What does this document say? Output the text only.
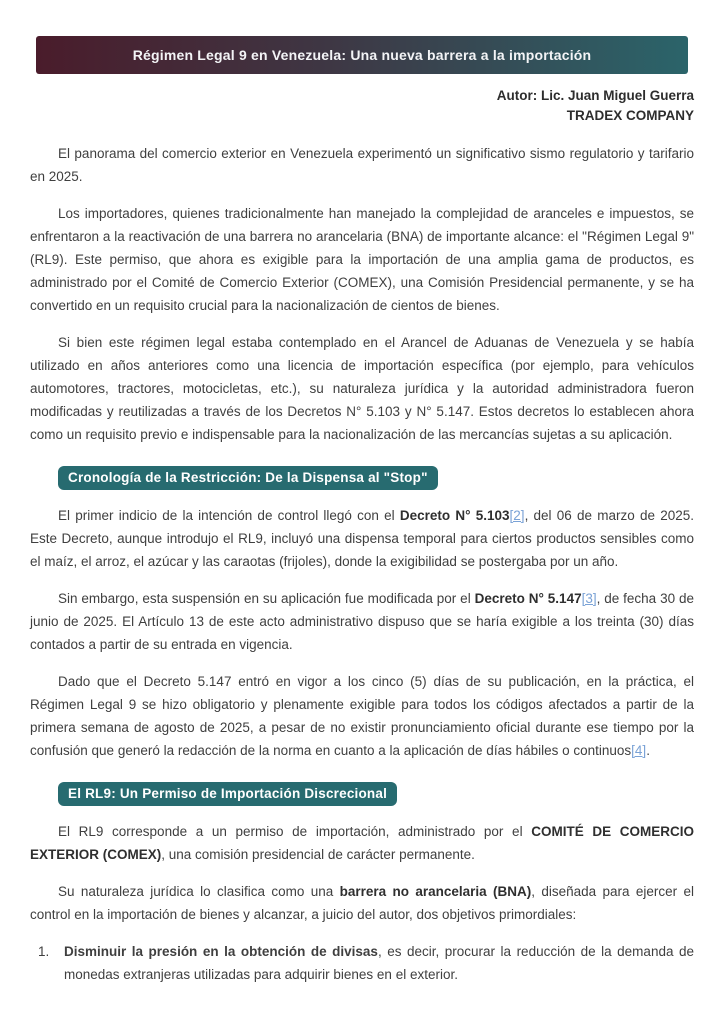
Régimen Legal 9 en Venezuela: Una nueva barrera a la importación
Autor: Lic. Juan Miguel Guerra
TRADEX COMPANY

El panorama del comercio exterior en Venezuela experimentó un significativo sismo regulatorio y tarifario en 2025.

Los importadores, quienes tradicionalmente han manejado la complejidad de aranceles e impuestos, se enfrentaron a la reactivación de una barrera no arancelaria (BNA) de importante alcance: el "Régimen Legal 9" (RL9). Este permiso, que ahora es exigible para la importación de una amplia gama de productos, es administrado por el Comité de Comercio Exterior (COMEX), una Comisión Presidencial permanente, y se ha convertido en un requisito crucial para la nacionalización de cientos de bienes.

Si bien este régimen legal estaba contemplado en el Arancel de Aduanas de Venezuela y se había utilizado en años anteriores como una licencia de importación específica (por ejemplo, para vehículos automotores, tractores, motocicletas, etc.), su naturaleza jurídica y la autoridad administradora fueron modificadas y reutilizadas a través de los Decretos N° 5.103 y N° 5.147. Estos decretos lo establecen ahora como un requisito previo e indispensable para la nacionalización de las mercancías sujetas a su aplicación.

Cronología de la Restricción: De la Dispensa al "Stop"

El primer indicio de la intención de control llegó con el Decreto N° 5.103[2], del 06 de marzo de 2025. Este Decreto, aunque introdujo el RL9, incluyó una dispensa temporal para ciertos productos sensibles como el maíz, el arroz, el azúcar y las caraotas (frijoles), donde la exigibilidad se postergaba por un año.

Sin embargo, esta suspensión en su aplicación fue modificada por el Decreto N° 5.147[3], de fecha 30 de junio de 2025. El Artículo 13 de este acto administrativo dispuso que se haría exigible a los treinta (30) días contados a partir de su entrada en vigencia.

Dado que el Decreto 5.147 entró en vigor a los cinco (5) días de su publicación, en la práctica, el Régimen Legal 9 se hizo obligatorio y plenamente exigible para todos los códigos afectados a partir de la primera semana de agosto de 2025, a pesar de no existir pronunciamiento oficial durante ese tiempo por la confusión que generó la redacción de la norma en cuanto a la aplicación de días hábiles o continuos[4].

El RL9: Un Permiso de Importación Discrecional

El RL9 corresponde a un permiso de importación, administrado por el COMITÉ DE COMERCIO EXTERIOR (COMEX), una comisión presidencial de carácter permanente.

Su naturaleza jurídica lo clasifica como una barrera no arancelaria (BNA), diseñada para ejercer el control en la importación de bienes y alcanzar, a juicio del autor, dos objetivos primordiales:

1. Disminuir la presión en la obtención de divisas, es decir, procurar la reducción de la demanda de monedas extranjeras utilizadas para adquirir bienes en el exterior.
